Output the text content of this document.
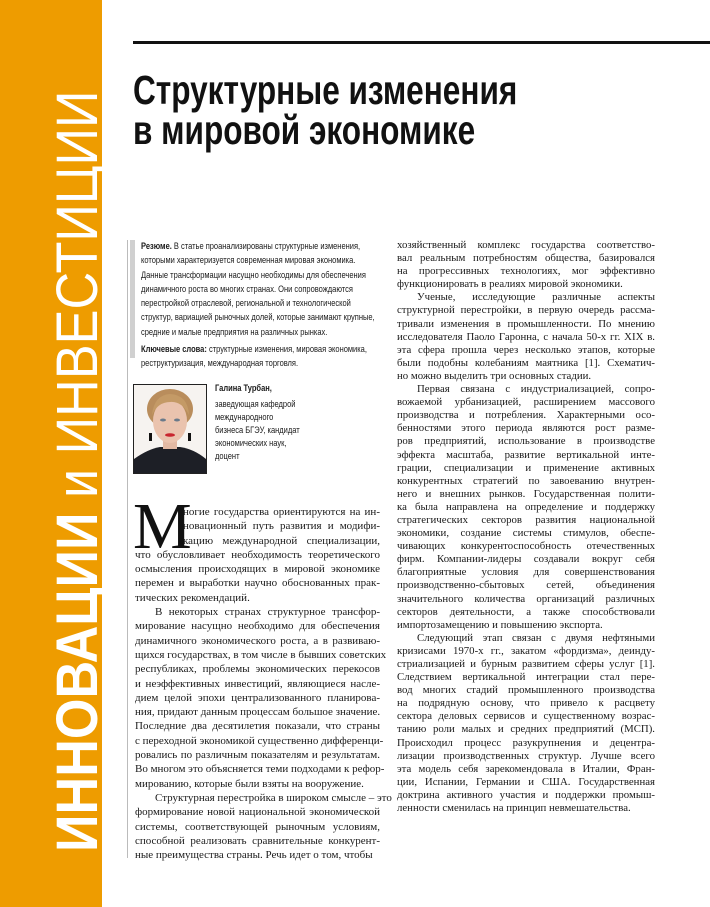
ИННОВАЦИИ и ИНВЕСТИЦИИ
Структурные изменения
в мировой экономике

Резюме. В статье проанализированы структурные изменения, которыми характеризуется современная мировая экономика. Данные трансформации насущно необходимы для обеспечения динамичного роста во многих странах. Они сопровождаются перестройкой отраслевой, региональной и технологической структур, вариацией рыночных долей, которые занимают крупные, средние и малые предприятия на различных рынках.

Ключевые слова: структурные изменения, мировая экономика, реструктуризация, международная торговля.

Галина Турбан,
заведующая кафедрой
международного
бизнеса БГЭУ, кандидат
экономических наук,
доцент
М
ногие государства ориентируются на ин-
новационный путь развития и модифи-
кацию международной специализации,
что обусловливает необходимость теоретического
осмысления происходящих в мировой экономике
перемен и выработки научно обоснованных прак-
тических рекомендаций.
В некоторых странах структурное трансфор-
мирование насущно необходимо для обеспечения
динамичного экономического роста, а в развиваю-
щихся государствах, в том числе в бывших советских
республиках, проблемы экономических перекосов
и неэффективных инвестиций, являющиеся насле-
дием целой эпохи централизованного планирова-
ния, придают данным процессам большое значение.
Последние два десятилетия показали, что страны
с переходной экономикой существенно дифференци-
ровались по различным показателям и результатам.
Во многом это объясняется теми подходами к рефор-
мированию, которые были взяты на вооружение.
Структурная перестройка в широком смысле – это
формирование новой национальной экономической
системы, соответствующей рыночным условиям,
способной реализовать сравнительные конкурент-
ные преимущества страны. Речь идет о том, чтобы
хозяйственный комплекс государства соответство-
вал реальным потребностям общества, базировался
на прогрессивных технологиях, мог эффективно
функционировать в реалиях мировой экономики.
Ученые, исследующие различные аспекты
структурной перестройки, в первую очередь рассма-
тривали изменения в промышленности. По мнению
исследователя Паоло Гаронна, с начала 50-х гг. XIX в.
эта сфера прошла через несколько этапов, которые
были подобны колебаниям маятника [1]. Схематич-
но можно выделить три основных стадии.
Первая связана с индустриализацией, сопро-
вожаемой урбанизацией, расширением массового
производства и потребления. Характерными осо-
бенностями этого периода являются рост разме-
ров предприятий, использование в производстве
эффекта масштаба, развитие вертикальной инте-
грации, специализации и применение активных
конкурентных стратегий по завоеванию внутрен-
него и внешних рынков. Государственная полити-
ка была направлена на определение и поддержку
стратегических секторов развития национальной
экономики, создание системы стимулов, обеспе-
чивающих конкурентоспособность отечественных
фирм. Компании-лидеры создавали вокруг себя
благоприятные условия для совершенствования
производственно-сбытовых сетей, объединения
значительного количества организаций различных
секторов деятельности, а также способствовали
импортозамещению и повышению экспорта.
Следующий этап связан с двумя нефтяными
кризисами 1970-х гг., закатом «фордизма», деинду-
стриализацией и бурным развитием сферы услуг [1].
Следствием вертикальной интеграции стал пере-
вод многих стадий промышленного производства
на подрядную основу, что привело к расцвету
сектора деловых сервисов и существенному возрас-
танию роли малых и средних предприятий (МСП).
Происходил процесс разукрупнения и децентра-
лизации производственных структур. Лучше всего
эта модель себя зарекомендовала в Италии, Фран-
ции, Испании, Германии и США. Государственная
доктрина активного участия и поддержки промыш-
ленности сменилась на принцип невмешательства.
